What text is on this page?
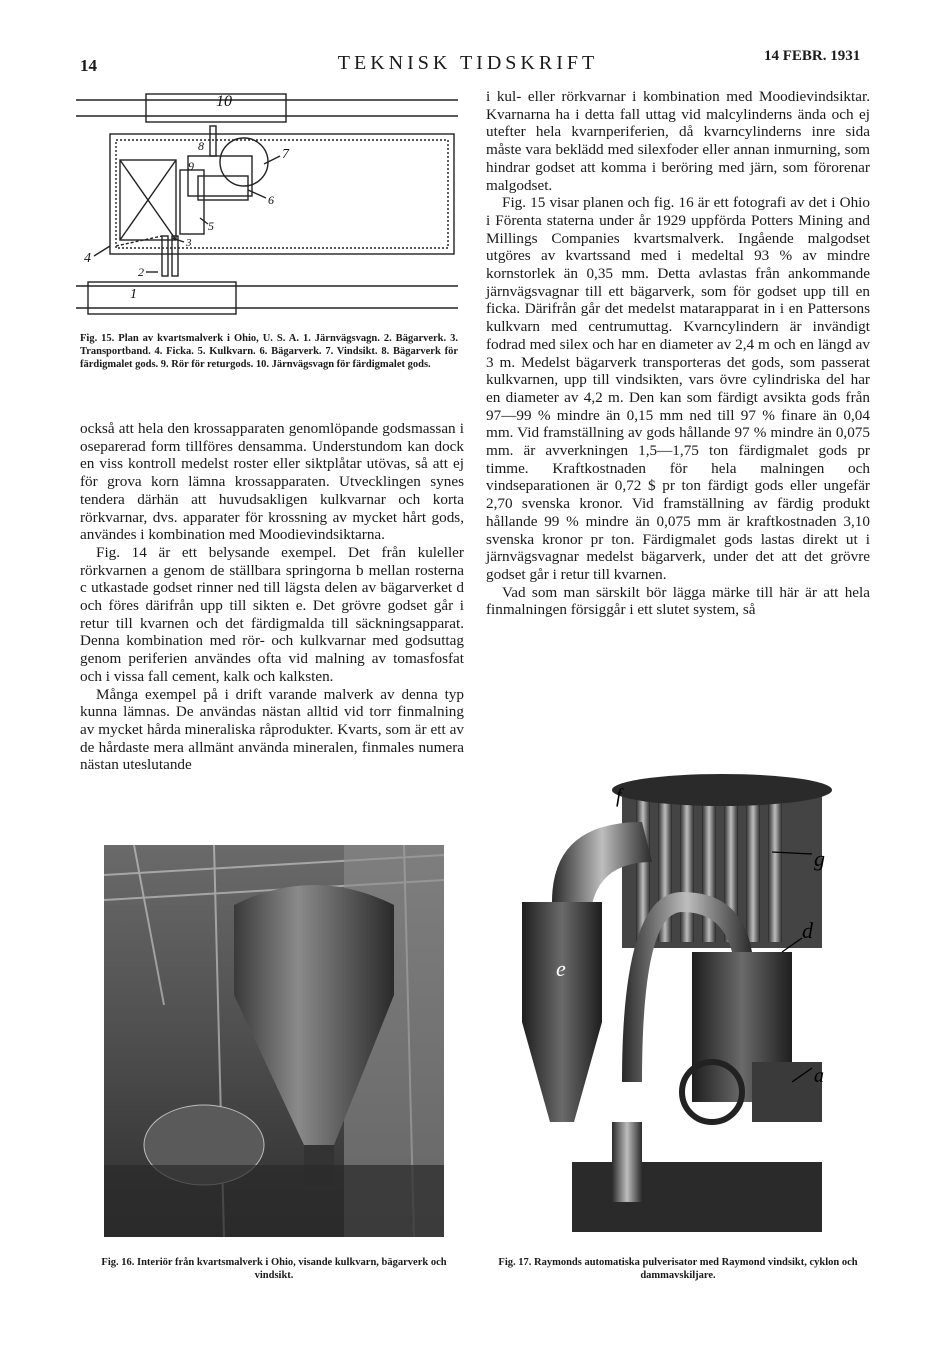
14	TEKNISK TIDSKRIFT	14 FEBR. 1931
10
8
9
7
6
5
4
3
2
1
Fig. 15. Plan av kvartsmalverk i Ohio, U. S. A. 1. Järnvägsvagn. 2. Bägarverk. 3. Transportband. 4. Ficka. 5. Kulkvarn. 6. Bägarverk. 7. Vindsikt. 8. Bägarverk för färdigmalet gods. 9. Rör för returgods. 10. Järnvägsvagn för färdigmalet gods.

också att hela den krossapparaten genomlöpande godsmassan i oseparerad form tillföres densamma. Understundom kan dock en viss kontroll medelst roster eller siktplåtar utövas, så att ej för grova korn lämna krossapparaten. Utvecklingen synes tendera därhän att huvudsakligen kulkvarnar och korta rörkvarnar, dvs. apparater för krossning av mycket hårt gods, användes i kombination med Moodievindsiktarna.

Fig. 14 är ett belysande exempel. Det från kuleller rörkvarnen a genom de ställbara springorna b mellan rosterna c utkastade godset rinner ned till lägsta delen av bägarverket d och föres därifrån upp till sikten e. Det grövre godset går i retur till kvarnen och det färdigmalda till säckningsapparat. Denna kombination med rör- och kulkvarnar med godsuttag genom periferien användes ofta vid malning av tomasfosfat och i vissa fall cement, kalk och kalksten.

Många exempel på i drift varande malverk av denna typ kunna lämnas. De användas nästan alltid vid torr finmalning av mycket hårda mineraliska råprodukter. Kvarts, som är ett av de hårdaste mera allmänt använda mineralen, finmales numera nästan uteslutande

i kul- eller rörkvarnar i kombination med Moodievindsiktar. Kvarnarna ha i detta fall uttag vid malcylinderns ända och ej utefter hela kvarnperiferien, då kvarncylinderns inre sida måste vara beklädd med silexfoder eller annan inmurning, som hindrar godset att komma i beröring med järn, som förorenar malgodset.

Fig. 15 visar planen och fig. 16 är ett fotografi av det i Ohio i Förenta staterna under år 1929 uppförda Potters Mining and Millings Companies kvartsmalverk. Ingående malgodset utgöres av kvartssand med i medeltal 93 % av mindre kornstorlek än 0,35 mm. Detta avlastas från ankommande järnvägsvagnar till ett bägarverk, som för godset upp till en ficka. Därifrån går det medelst matarapparat in i en Pattersons kulkvarn med centrumuttag. Kvarncylindern är invändigt fodrad med silex och har en diameter av 2,4 m och en längd av 3 m. Medelst bägarverk transporteras det gods, som passerat kulkvarnen, upp till vindsikten, vars övre cylindriska del har en diameter av 4,2 m. Den kan som färdigt avsikta gods från 97—99 % mindre än 0,15 mm ned till 97 % finare än 0,04 mm. Vid framställning av gods hållande 97 % mindre än 0,075 mm. är avverkningen 1,5—1,75 ton färdigmalet gods pr timme. Kraftkostnaden för hela malningen och vindseparationen är 0,72 $ pr ton färdigt gods eller ungefär 2,70 svenska kronor. Vid framställning av färdig produkt hållande 99 % mindre än 0,075 mm är kraftkostnaden 3,10 svenska kronor pr ton. Färdigmalet gods lastas direkt ut i järnvägsvagnar medelst bägarverk, under det att det grövre godset går i retur till kvarnen.

Vad som man särskilt bör lägga märke till här är att hela finmalningen försiggår i ett slutet system, så

Fig. 16. Interiör från kvartsmalverk i Ohio, visande kulkvarn, bägarverk och vindsikt.
f
g
d
e
a
Fig. 17. Raymonds automatiska pulverisator med Raymond vindsikt, cyklon och dammavskiljare.
